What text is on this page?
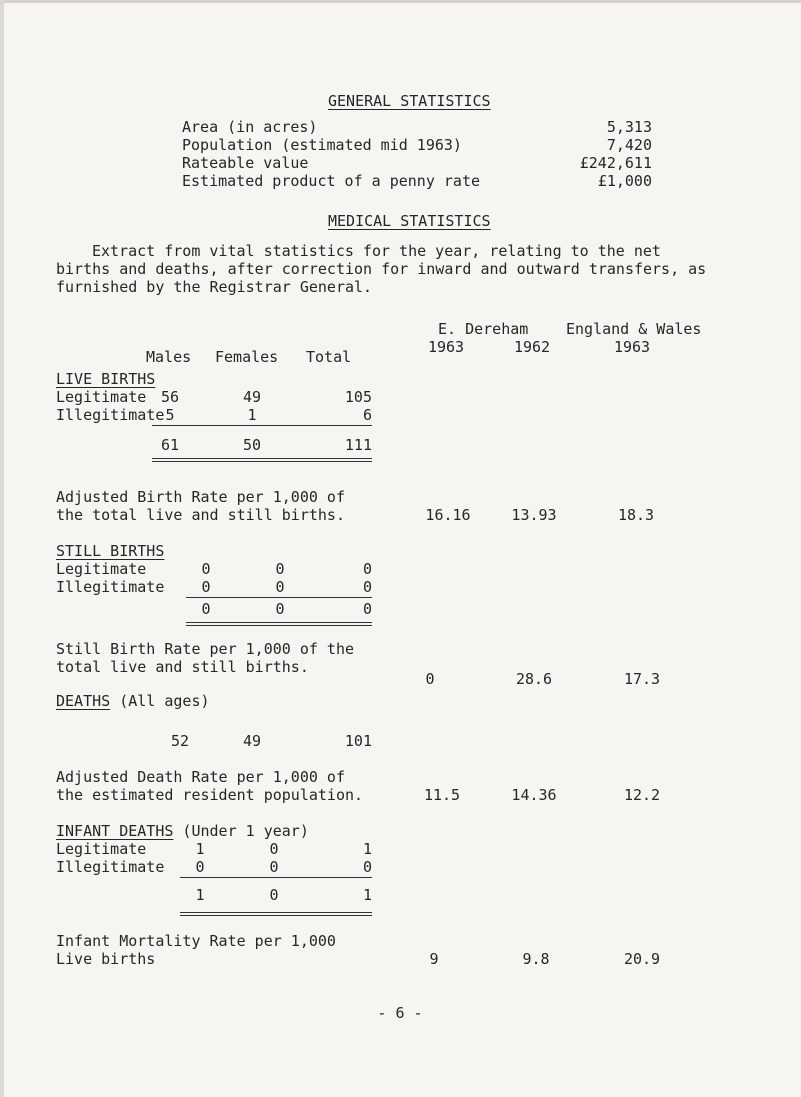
GENERAL STATISTICS
Area (in acres)	5,313
Population (estimated mid 1963)	7,420
Rateable value	£242,611
Estimated product of a penny rate	£1,000
MEDICAL STATISTICS
Extract from vital statistics for the year, relating to the net
births and deaths, after correction for inward and outward transfers, as
furnished by the Registrar General.
E. Dereham	England & Wales
1963	1962	1963
Males Females Total
LIVE BIRTHS
Legitimate 56	49	105
Illegitimate 5	1	6
61	50	111
Adjusted Birth Rate per 1,000 of
the total live and still births.	16.16	13.93	18.3
STILL BIRTHS
Legitimate	0	0	0
Illegitimate	0	0	0
0	0	0
Still Birth Rate per 1,000 of the
total live and still births.
0	28.6	17.3
DEATHS (All ages)
52	49	101
Adjusted Death Rate per 1,000 of
the estimated resident population.	11.5	14.36	12.2
INFANT DEATHS (Under 1 year)
Legitimate	1	0	1
Illegitimate	0	0	0
1	0	1
Infant Mortality Rate per 1,000
Live births	9	9.8	20.9
- 6 -
